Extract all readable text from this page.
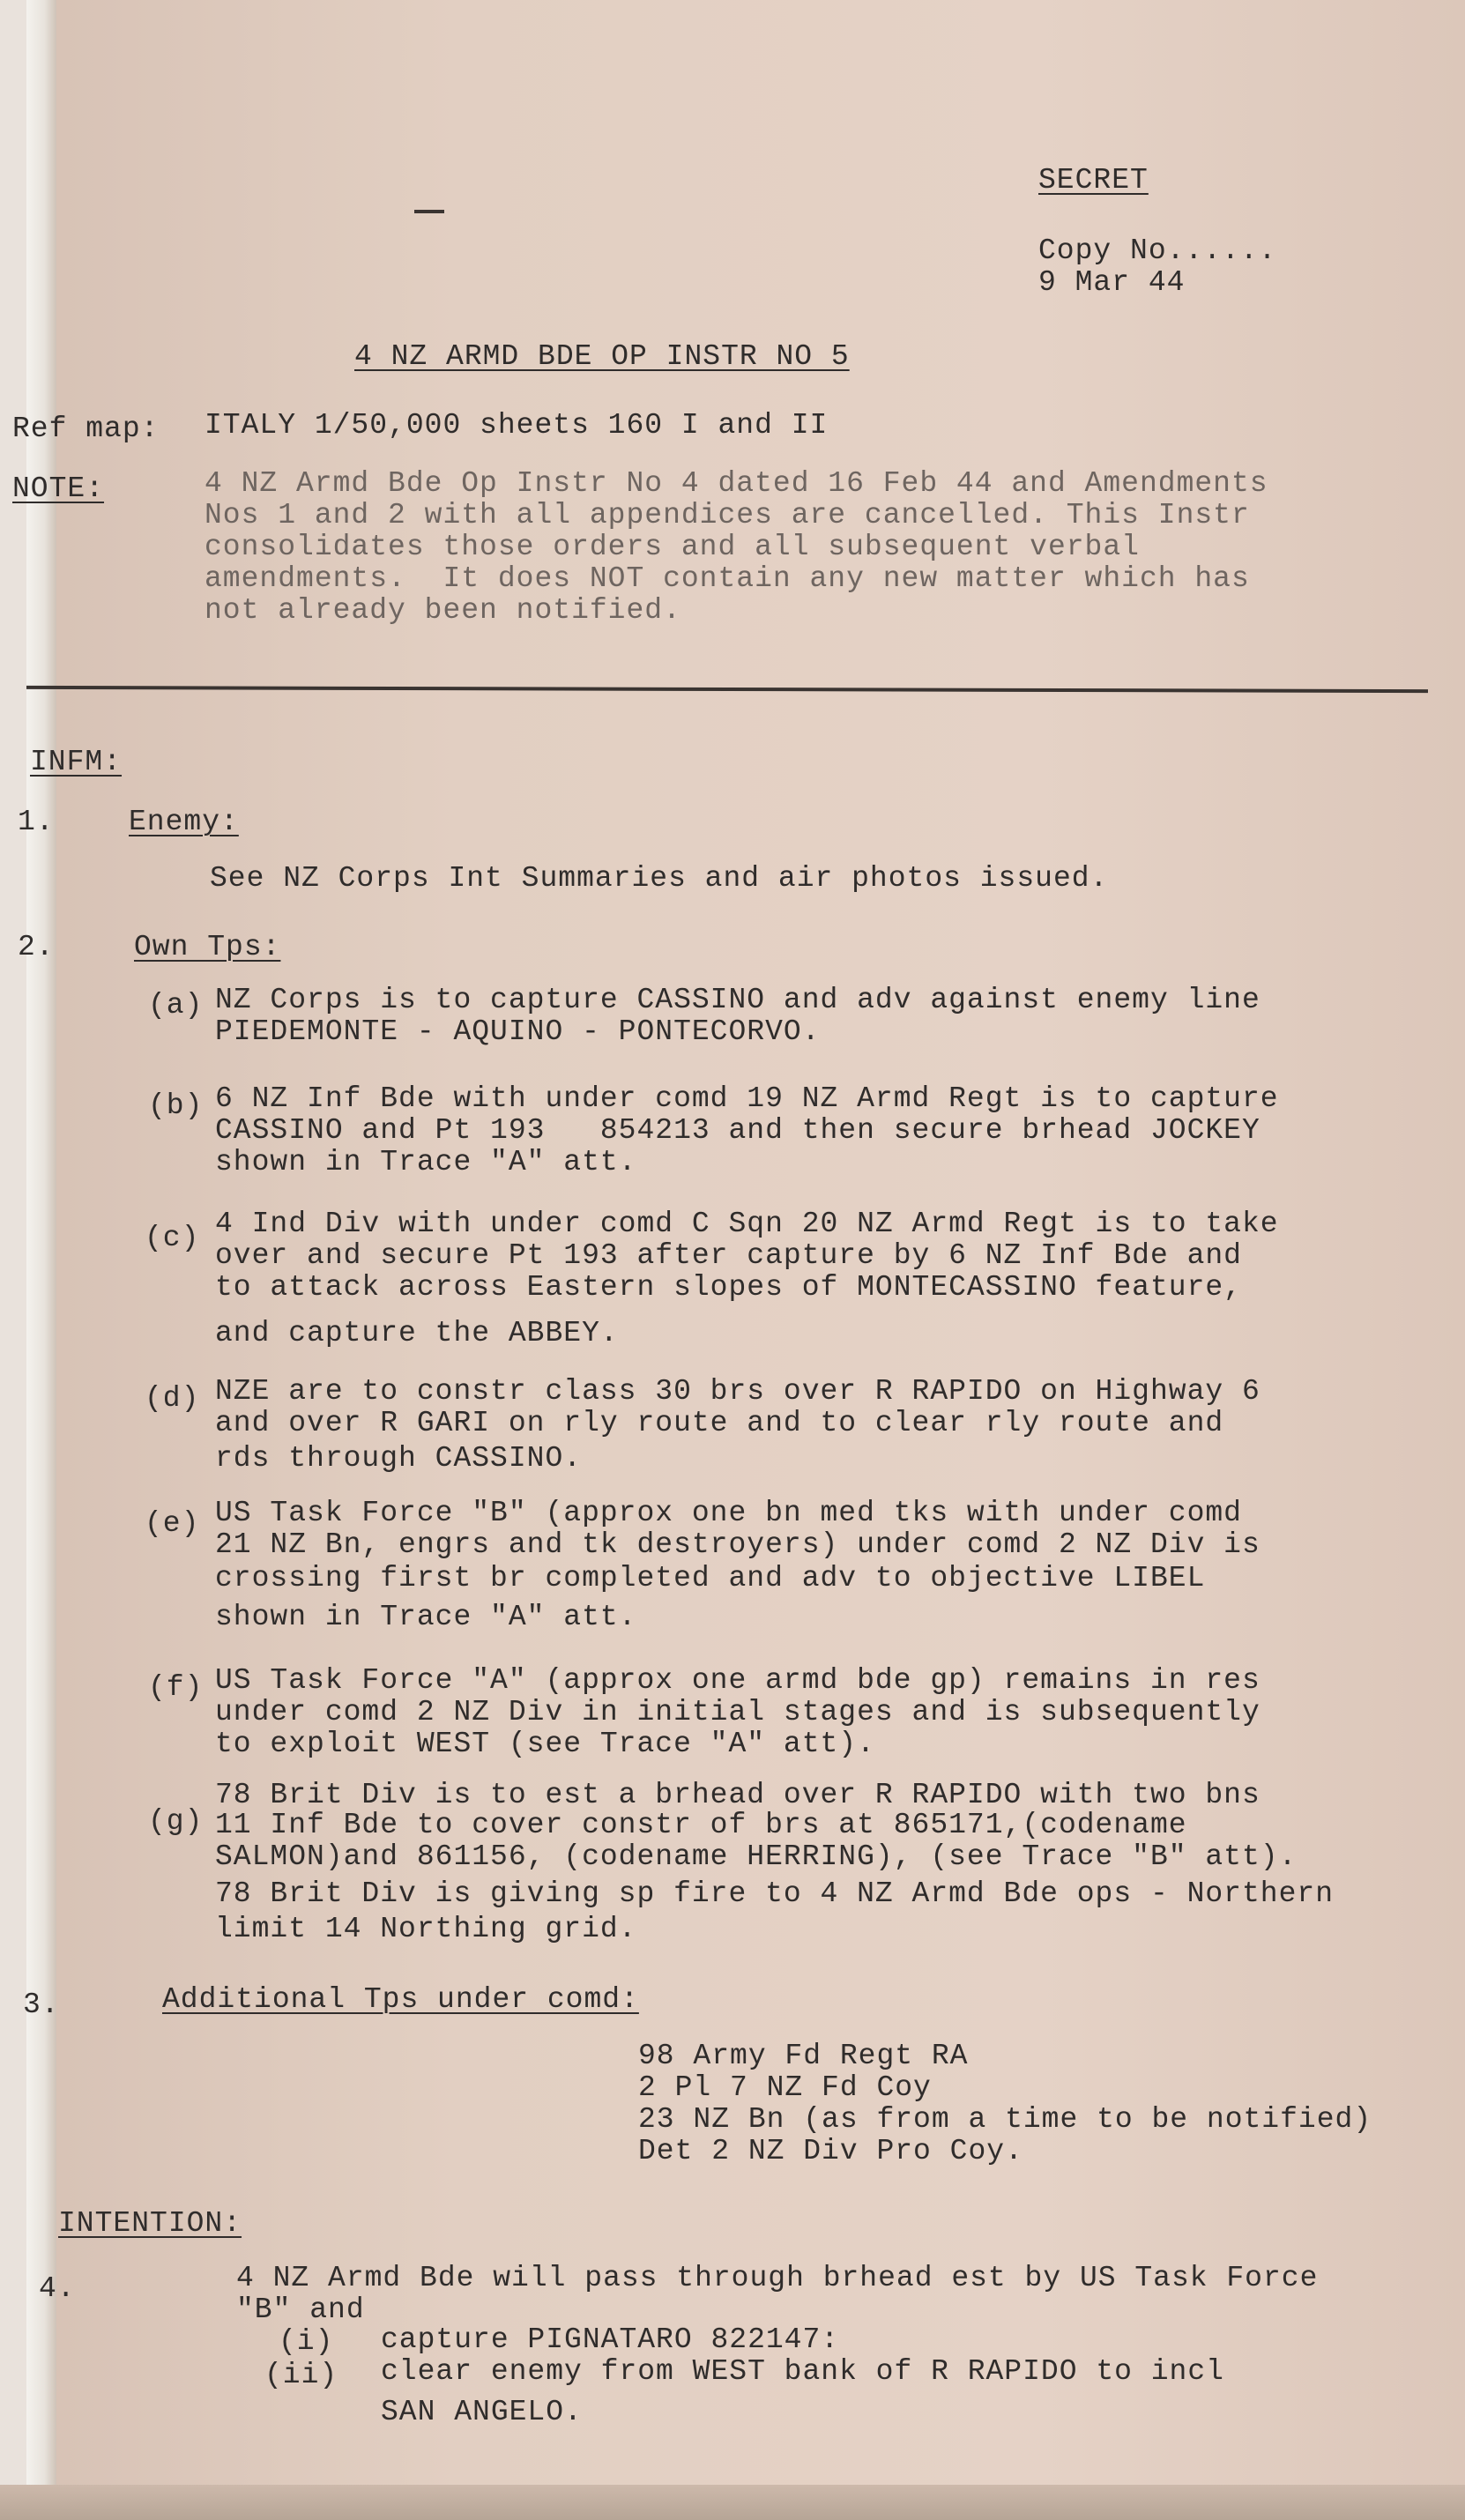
SECRET
Copy No......
9 Mar 44
4 NZ ARMD BDE OP INSTR NO 5
Ref map: ITALY 1/50,000 sheets 160 I and II
NOTE:	4 NZ Armd Bde Op Instr No 4 dated 16 Feb 44 and Amendments
Nos 1 and 2 with all appendices are cancelled. This Instr
consolidates those orders and all subsequent verbal
amendments.  It does NOT contain any new matter which has
not already been notified.
INFM:
1.	Enemy:
See NZ Corps Int Summaries and air photos issued.
2.	Own Tps:
(a) NZ Corps is to capture CASSINO and adv against enemy line
PIEDEMONTE - AQUINO - PONTECORVO.
(b) 6 NZ Inf Bde with under comd 19 NZ Armd Regt is to capture
CASSINO and Pt 193   854213 and then secure brhead JOCKEY
shown in Trace "A" att.
(c) 4 Ind Div with under comd C Sqn 20 NZ Armd Regt is to take
over and secure Pt 193 after capture by 6 NZ Inf Bde and
to attack across Eastern slopes of MONTECASSINO feature,
and capture the ABBEY.
(d) NZE are to constr class 30 brs over R RAPIDO on Highway 6
and over R GARI on rly route and to clear rly route and
rds through CASSINO.
(e) US Task Force "B" (approx one bn med tks with under comd
21 NZ Bn, engrs and tk destroyers) under comd 2 NZ Div is
crossing first br completed and adv to objective LIBEL
shown in Trace "A" att.
(f) US Task Force "A" (approx one armd bde gp) remains in res
under comd 2 NZ Div in initial stages and is subsequently
to exploit WEST (see Trace "A" att).
(g)
78 Brit Div is to est a brhead over R RAPIDO with two bns
11 Inf Bde to cover constr of brs at 865171,(codename
SALMON)and 861156, (codename HERRING), (see Trace "B" att).
78 Brit Div is giving sp fire to 4 NZ Armd Bde ops - Northern
limit 14 Northing grid.
3.	Additional Tps under comd:
98 Army Fd Regt RA
2 Pl 7 NZ Fd Coy
23 NZ Bn (as from a time to be notified)
Det 2 NZ Div Pro Coy.
INTENTION:
4.	4 NZ Armd Bde will pass through brhead est by US Task Force
"B" and
(i) capture PIGNATARO 822147:
(ii) clear enemy from WEST bank of R RAPIDO to incl
SAN ANGELO.
